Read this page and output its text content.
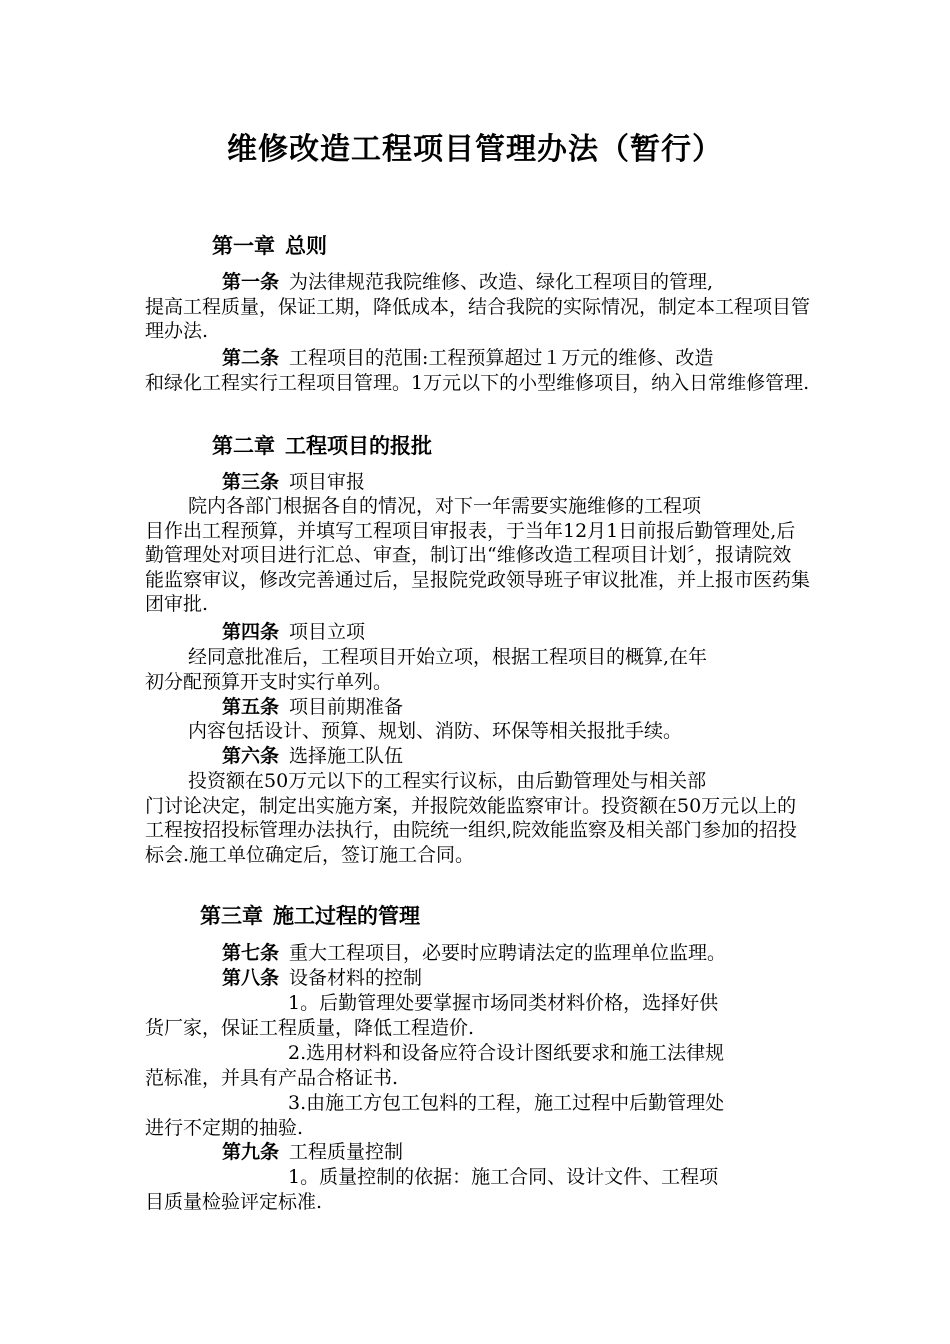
维修改造工程项目管理办法（暂行）
第一章 总则
第一条 为法律规范我院维修、改造、绿化工程项目的管理,
提高工程质量，保证工期，降低成本，结合我院的实际情况，制定本工程项目管理办法.
第二条 工程项目的范围:工程预算超过１万元的维修、改造
和绿化工程实行工程项目管理。1万元以下的小型维修项目，纳入日常维修管理.
第二章 工程项目的报批
第三条 项目审报
院内各部门根据各自的情况，对下一年需要实施维修的工程项
目作出工程预算，并填写工程项目审报表，于当年12月1日前报后勤管理处,后勤管理处对项目进行汇总、审查，制订出“维修改造工程项目计划〞，报请院效能监察审议，修改完善通过后，呈报院党政领导班子审议批准，并上报市医药集团审批.
第四条 项目立项
经同意批准后，工程项目开始立项，根据工程项目的概算,在年
初分配预算开支时实行单列。
第五条 项目前期准备
内容包括设计、预算、规划、消防、环保等相关报批手续。
第六条 选择施工队伍
投资额在50万元以下的工程实行议标，由后勤管理处与相关部
门讨论决定，制定出实施方案，并报院效能监察审计。投资额在50万元以上的工程按招投标管理办法执行，由院统一组织,院效能监察及相关部门参加的招投标会.施工单位确定后，签订施工合同。
第三章 施工过程的管理
第七条 重大工程项目，必要时应聘请法定的监理单位监理。
第八条 设备材料的控制
1。后勤管理处要掌握市场同类材料价格，选择好供
货厂家，保证工程质量，降低工程造价.
2.选用材料和设备应符合设计图纸要求和施工法律规
范标准，并具有产品合格证书.
3.由施工方包工包料的工程，施工过程中后勤管理处
进行不定期的抽验.
第九条 工程质量控制
1。质量控制的依据：施工合同、设计文件、工程项
目质量检验评定标准.
